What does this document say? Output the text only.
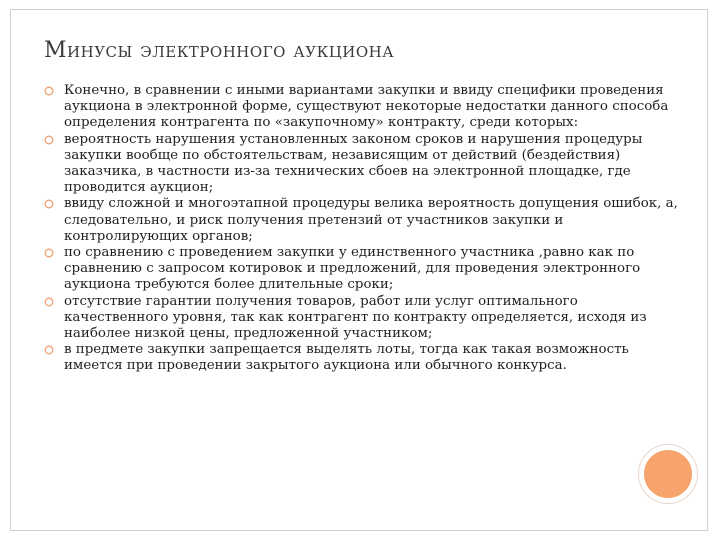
Минусы электронного аукциона
Конечно, в сравнении с иными вариантами закупки и ввиду специфики проведения аукциона в электронной форме, существуют некоторые недостатки данного способа определения контрагента по «закупочному» контракту, среди которых:
вероятность нарушения установленных законом сроков и нарушения процедуры закупки вообще по обстоятельствам, независящим от действий (бездействия) заказчика, в частности из-за технических сбоев на электронной площадке, где проводится аукцион;
ввиду сложной и многоэтапной процедуры велика вероятность допущения ошибок, а, следовательно, и риск получения претензий от участников закупки и контролирующих органов;
по сравнению с проведением закупки у единственного участника ,равно как по сравнению с запросом котировок и предложений, для проведения электронного аукциона требуются более длительные сроки;
отсутствие гарантии получения товаров, работ или услуг оптимального качественного уровня, так как контрагент по контракту определяется, исходя из наиболее низкой цены, предложенной участником;
в предмете закупки запрещается выделять лоты, тогда как такая возможность имеется при проведении закрытого аукциона или обычного конкурса.
